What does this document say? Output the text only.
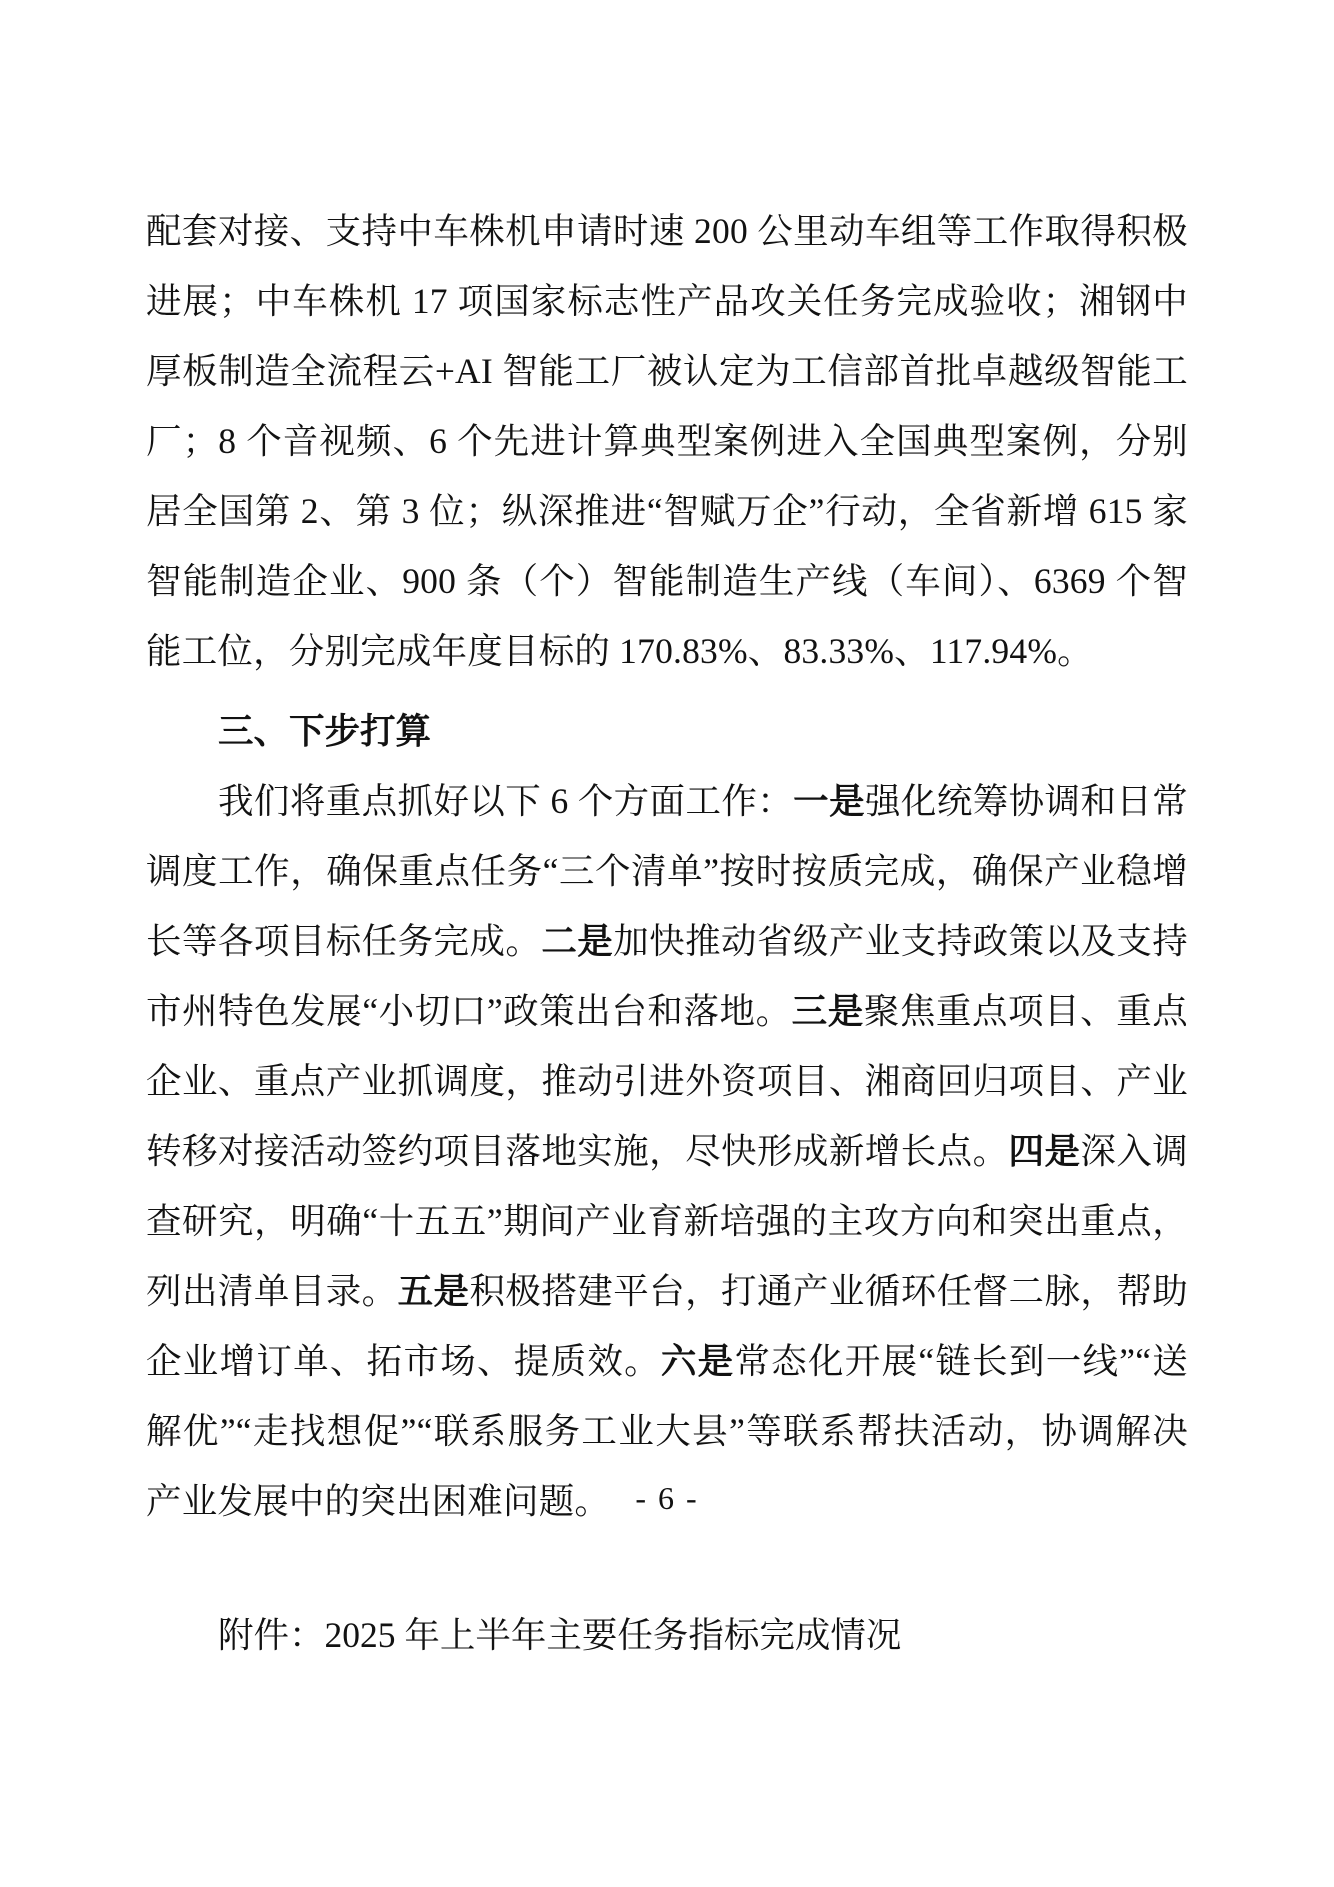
配套对接、支持中车株机申请时速 200 公里动车组等工作取得积极进展；中车株机 17 项国家标志性产品攻关任务完成验收；湘钢中厚板制造全流程云+AI 智能工厂被认定为工信部首批卓越级智能工厂；8 个音视频、6 个先进计算典型案例进入全国典型案例，分别居全国第 2、第 3 位；纵深推进“智赋万企”行动，全省新增 615 家智能制造企业、900 条（个）智能制造生产线（车间）、6369 个智能工位，分别完成年度目标的 170.83%、83.33%、117.94%。

三、下步打算

我们将重点抓好以下 6 个方面工作：一是强化统筹协调和日常调度工作，确保重点任务“三个清单”按时按质完成，确保产业稳增长等各项目标任务完成。二是加快推动省级产业支持政策以及支持市州特色发展“小切口”政策出台和落地。三是聚焦重点项目、重点企业、重点产业抓调度，推动引进外资项目、湘商回归项目、产业转移对接活动签约项目落地实施，尽快形成新增长点。四是深入调查研究，明确“十五五”期间产业育新培强的主攻方向和突出重点，列出清单目录。五是积极搭建平台，打通产业循环任督二脉，帮助企业增订单、拓市场、提质效。六是常态化开展“链长到一线”“送解优”“走找想促”“联系服务工业大县”等联系帮扶活动，协调解决产业发展中的突出困难问题。

附件：2025 年上半年主要任务指标完成情况

- 6 -
